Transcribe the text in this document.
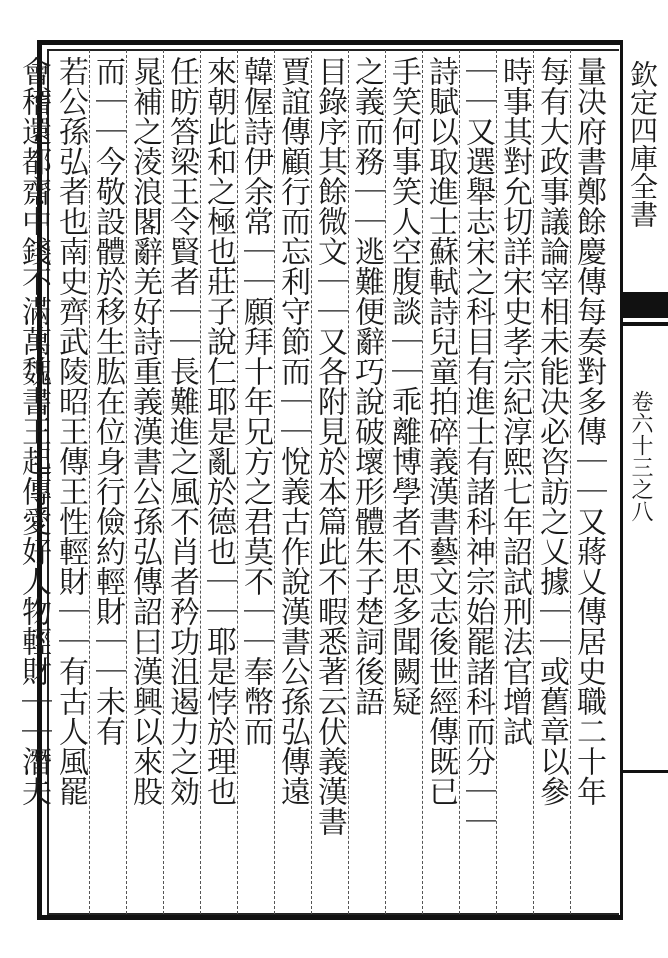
時事其對允切詳宋史孝宗紀淳熙七年詔試刑法官增試 量决府書鄭餘慶傳每奏對多傳｜｜又蔣乂傳居史職二十年
每有大政事議論宰相未能决必咨訪之乂據｜｜或舊章以參
｜｜又選舉志宋之科目有進士有諸科神宗始罷諸科而分｜｜
詩賦以取進士蘇軾詩兒童拍碎義漢書藝文志後世經傳既已
手笑何事笑人空腹談｜｜乖離博學者不思多聞闕疑
之義而務｜｜逃難便辭巧說破壞形體朱子楚詞後語
目錄序其餘微文｜｜又各附見於本篇此不暇悉著云伏義漢書
賈誼傳顧行而忘利守節而｜｜悅義古作說漢書公孫弘傳遠
韓偓詩伊余常｜｜願拜十年兄方之君莫不｜｜奉幣而
來朝此和之極也莊子說仁耶是亂於德也｜｜耶是悖於理也
任昉答梁王令賢者｜｜長難進之風不肖者矜功沮遏力之効
晁補之淩浪閣辭羌好詩重義漢書公孫弘傳詔曰漢興以來股
而｜｜今敬設體於移生肱在位身行儉約輕財｜｜未有
若公孫弘者也南史齊武陵昭王傳王性輕財｜｜有古人風罷
會稽還都齋中錢不滿萬魏書王起傳愛好人物輕財｜｜潛夫	欽定四庫全書
卷六十三之八
